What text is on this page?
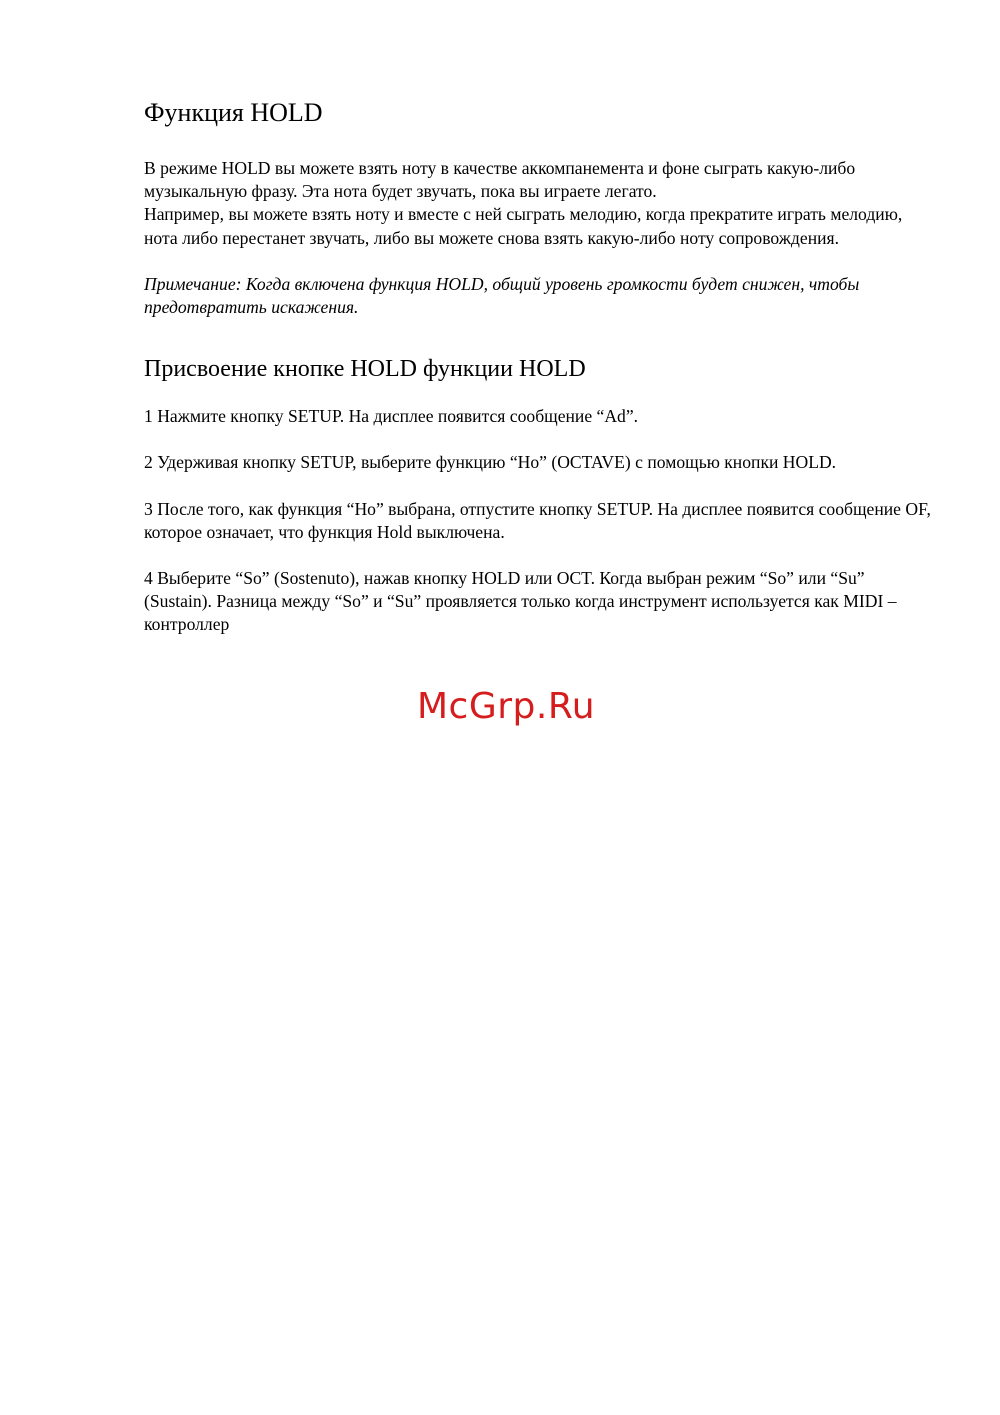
Функция HOLD

В режиме HOLD вы можете взять ноту в качестве аккомпанемента и фоне сыграть какую-либо музыкальную фразу. Эта нота будет звучать, пока вы играете легато.

Например, вы можете взять ноту и вместе с ней сыграть мелодию, когда прекратите играть мелодию, нота либо перестанет звучать, либо вы можете снова взять какую-либо ноту сопровождения.

Примечание: Когда включена функция HOLD, общий уровень громкости будет снижен, чтобы предотвратить искажения.

Присвоение кнопке HOLD функции HOLD

1 Нажмите кнопку SETUP. На дисплее появится сообщение “Ad”.

2 Удерживая кнопку SETUP, выберите функцию “Ho” (OCTAVE) с помощью кнопки HOLD.

3 После того, как функция “Ho” выбрана, отпустите кнопку SETUP. На дисплее появится сообщение OF, которое означает, что функция Hold выключена.

4 Выберите “So” (Sostenuto), нажав кнопку HOLD или OCT. Когда выбран режим “So” или “Su” (Sustain). Разница между “So” и “Su” проявляется только когда инструмент используется как MIDI – контроллер

McGrp.Ru
